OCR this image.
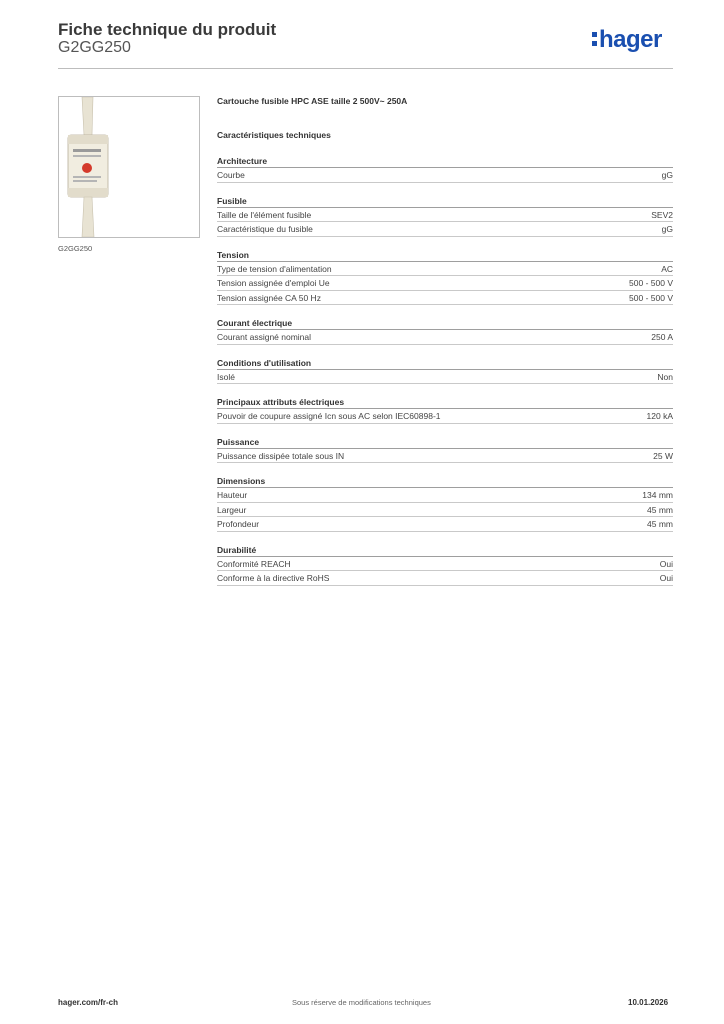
Fiche technique du produit
G2GG250	hager
G2GG250
Cartouche fusible HPC ASE taille 2 500V~ 250A
Caractéristiques techniques
Architecture
Courbe	gG
Fusible
Taille de l'élément fusible	SEV2
Caractéristique du fusible	gG
Tension
Type de tension d'alimentation	AC
Tension assignée d'emploi Ue	500 - 500 V
Tension assignée CA 50 Hz	500 - 500 V
Courant électrique
Courant assigné nominal	250 A
Conditions d'utilisation
Isolé	Non
Principaux attributs électriques
Pouvoir de coupure assigné Icn sous AC selon IEC60898-1	120 kA
Puissance
Puissance dissipée totale sous IN	25 W
Dimensions
Hauteur	134 mm
Largeur	45 mm
Profondeur	45 mm
Durabilité
Conformité REACH	Oui
Conforme à la directive RoHS	Oui
hager.com/fr-ch	Sous réserve de modifications techniques	10.01.2026
